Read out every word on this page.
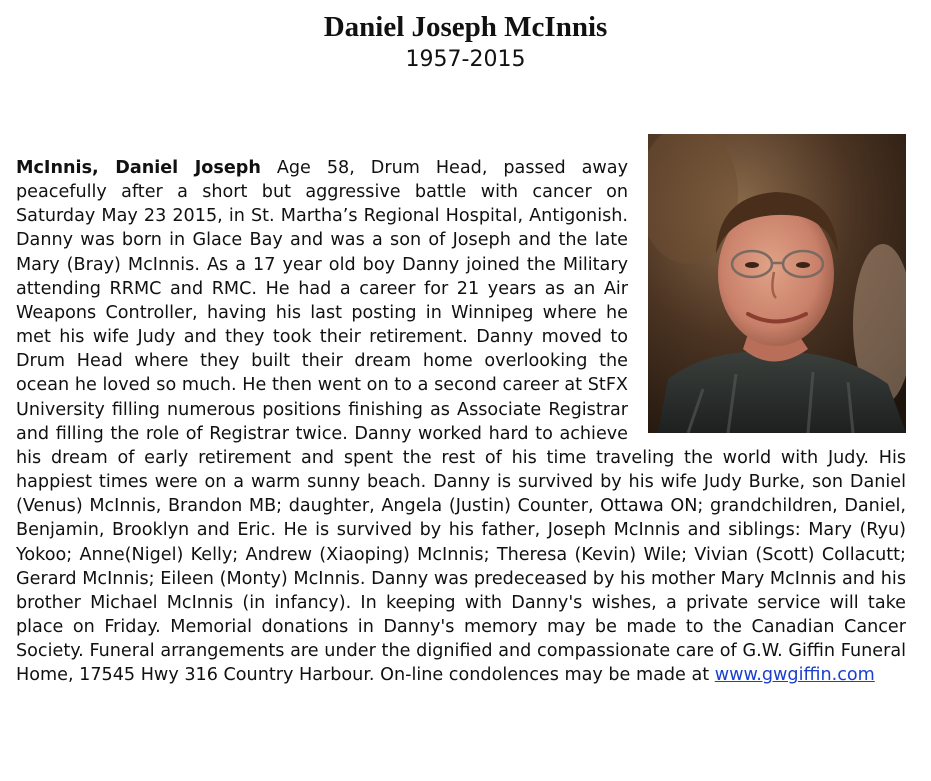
Daniel Joseph McInnis
1957-2015
McInnis, Daniel Joseph Age 58, Drum Head, passed away peacefully after a short but aggressive battle with cancer on Saturday May 23 2015, in St. Martha’s Regional Hospital, Antigonish. Danny was born in Glace Bay and was a son of Joseph and the late Mary (Bray) McInnis. As a 17 year old boy Danny joined the Military attending RRMC and RMC. He had a career for 21 years as an Air Weapons Controller, having his last posting in Winnipeg where he met his wife Judy and they took their retirement. Danny moved to Drum Head where they built their dream home overlooking the ocean he loved so much. He then went on to a second career at StFX University filling numerous positions finishing as Associate Registrar and filling the role of Registrar twice. Danny worked hard to achieve his dream of early retirement and spent the rest of his time traveling the world with Judy. His happiest times were on a warm sunny beach. Danny is survived by his wife Judy Burke, son Daniel (Venus) McInnis, Brandon MB; daughter, Angela (Justin) Counter, Ottawa ON; grandchildren, Daniel, Benjamin, Brooklyn and Eric. He is survived by his father, Joseph McInnis and siblings: Mary (Ryu) Yokoo; Anne(Nigel) Kelly; Andrew (Xiaoping) McInnis; Theresa (Kevin) Wile; Vivian (Scott) Collacutt; Gerard McInnis; Eileen (Monty) McInnis. Danny was predeceased by his mother Mary McInnis and his brother Michael McInnis (in infancy). In keeping with Danny's wishes, a private service will take place on Friday. Memorial donations in Danny's memory may be made to the Canadian Cancer Society. Funeral arrangements are under the dignified and compassionate care of G.W. Giffin Funeral Home, 17545 Hwy 316 Country Harbour. On-line condolences may be made at www.gwgiffin.com
